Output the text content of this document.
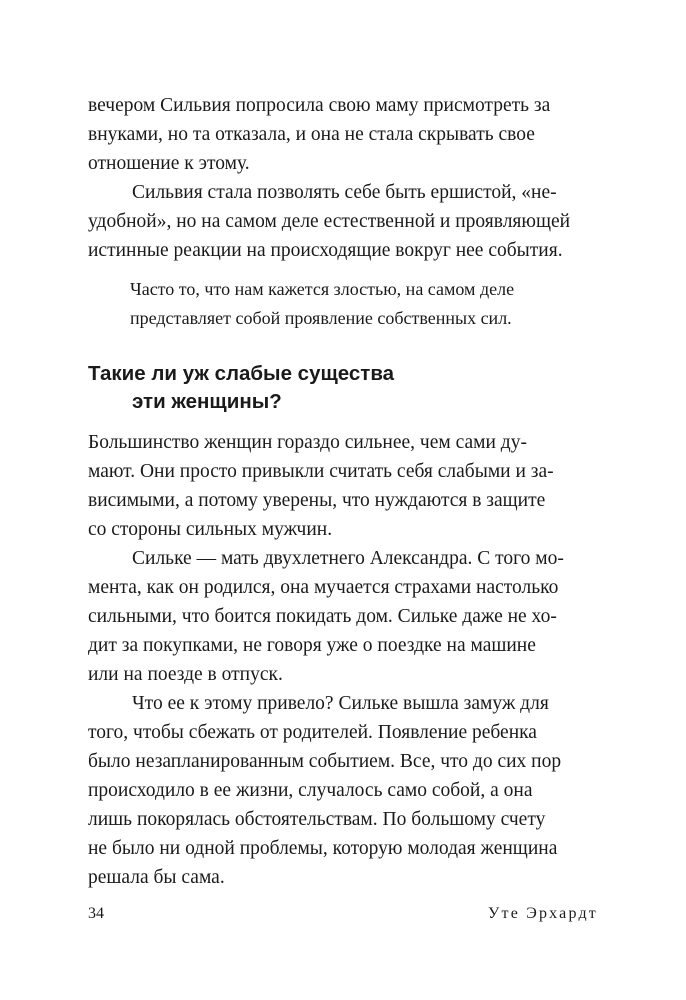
вечером Сильвия попросила свою маму присмотреть за
внуками, но та отказала, и она не стала скрывать свое
отношение к этому.
Сильвия стала позволять себе быть ершистой, «не-
удобной», но на самом деле естественной и проявляющей
истинные реакции на происходящие вокруг нее события.
Часто то, что нам кажется злостью, на самом деле
представляет собой проявление собственных сил.
Такие ли уж слабые существа
эти женщины?
Большинство женщин гораздо сильнее, чем сами ду-
мают. Они просто привыкли считать себя слабыми и за-
висимыми, а потому уверены, что нуждаются в защите
со стороны сильных мужчин.
Сильке — мать двухлетнего Александра. С того мо-
мента, как он родился, она мучается страхами настолько
сильными, что боится покидать дом. Сильке даже не хо-
дит за покупками, не говоря уже о поездке на машине
или на поезде в отпуск.
Что ее к этому привело? Сильке вышла замуж для
того, чтобы сбежать от родителей. Появление ребенка
было незапланированным событием. Все, что до сих пор
происходило в ее жизни, случалось само собой, а она
лишь покорялась обстоятельствам. По большому счету
не было ни одной проблемы, которую молодая женщина
решала бы сама.
34	Уте Эрхардт
